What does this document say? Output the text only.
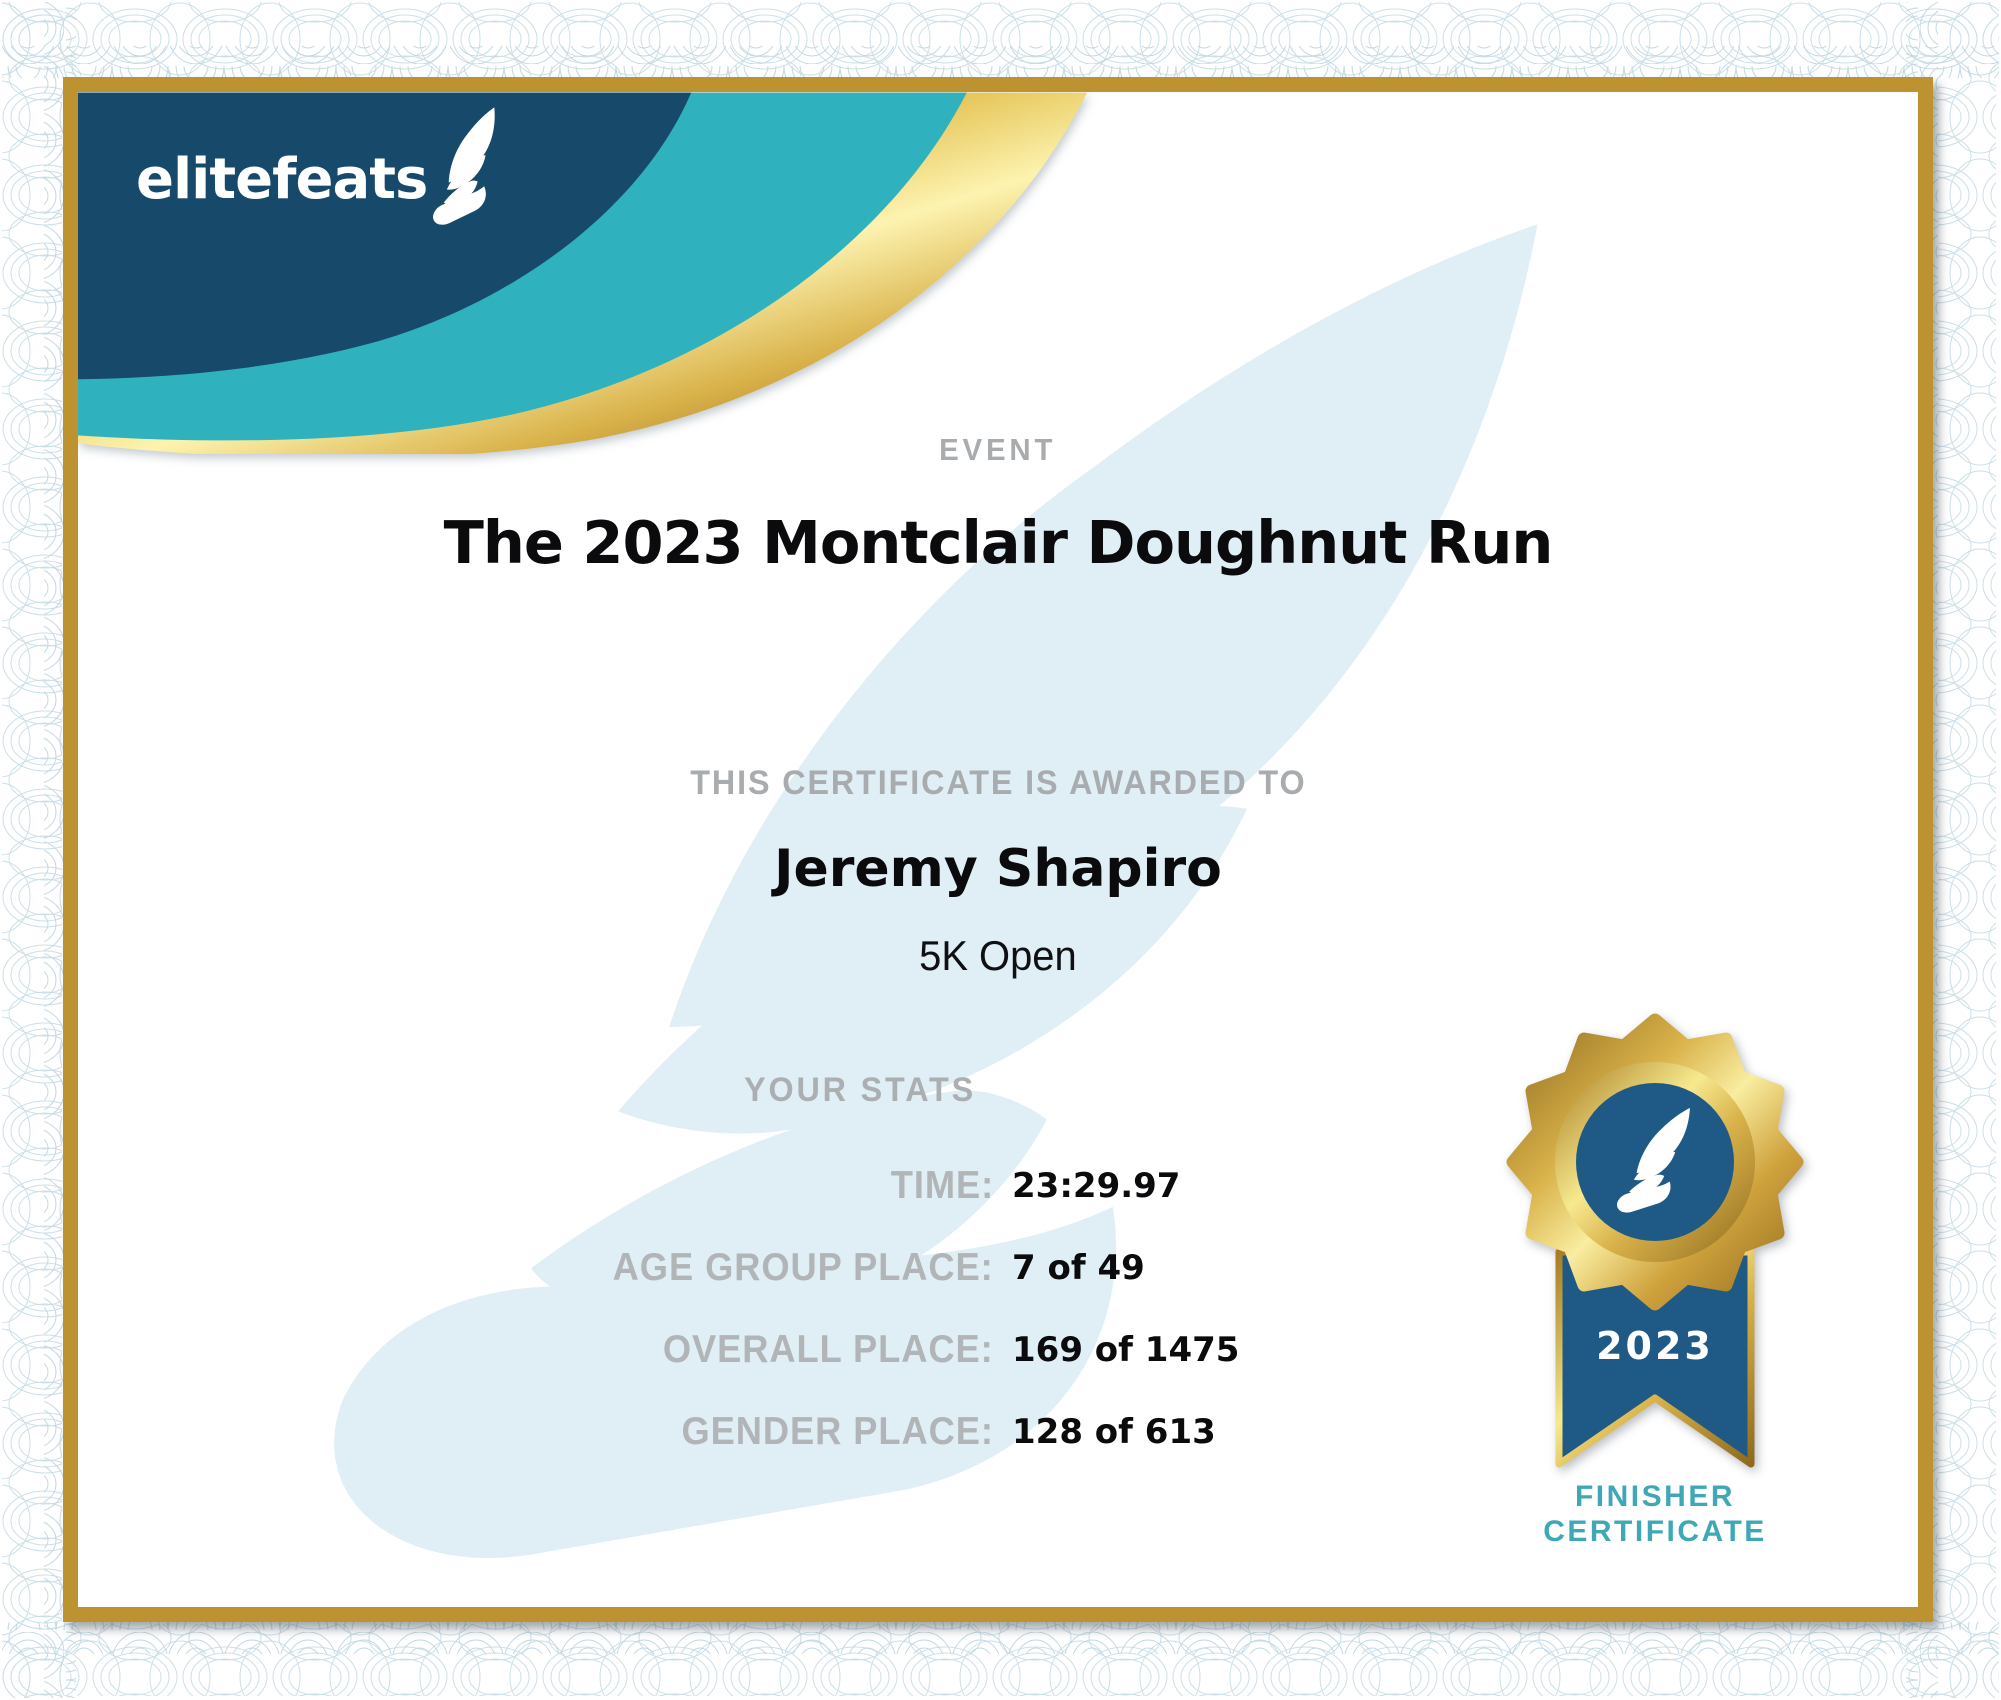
elitefeats
EVENT
The 2023 Montclair Doughnut Run
THIS CERTIFICATE IS AWARDED TO
Jeremy Shapiro
5K Open
YOUR STATS
TIME: 23:29.97
AGE GROUP PLACE: 7 of 49
OVERALL PLACE: 169 of 1475
GENDER PLACE: 128 of 613
2023
FINISHER
CERTIFICATE
